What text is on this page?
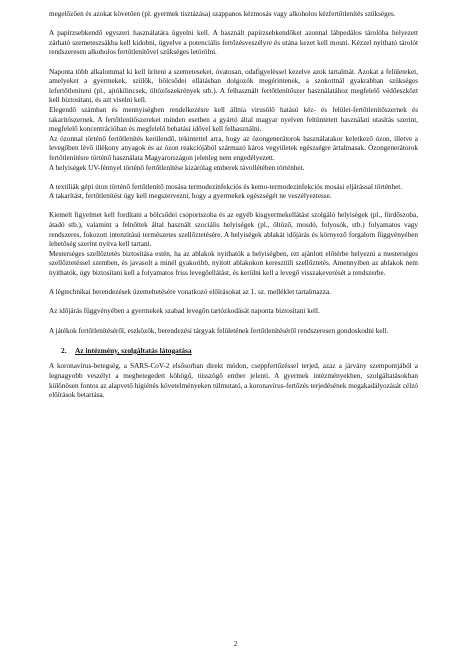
megelőzően és azokat követően (pl. gyermek tisztázása) szappanos kézmosás vagy alkoholos kézfertőtlenítés szükséges.

A papírzsebkendő egyszeri használatára ügyelni kell. A használt papírzsebkendőket azonnal lábpedálos tárolóba helyezett zárható szemeteszsákba kell kidobni, ügyelve a potenciális fertőzésveszélyre és utána kezet kell mosni. Kézzel nyitható tárolót rendszeresen alkoholos fertőtlenítővel szükséges letörölni.

Naponta több alkalommal ki kell üríteni a szemeteseket, óvatosan, odafigyeléssel kezelve azok tartalmát. Azokat a felületeket, amelyeket a gyermekek, szülők, bölcsődei ellátásban dolgozók megérintenek, a szokottnál gyakrabban szükséges lefertőtleníteni (pl., ajtókilincsek, öltözőszekrények stb.). A felhasznált fertőtlenítőszer használatához megfelelő védőeszközt kell biztosítani, és azt viselni kell.

Elegendő számban és mennyiségben rendelkezésre kell állnia virusölő hatású kéz- és felület-fertőtlenítőszernek és takarítószernek. A fertőtlenítőszereket minden esetben a gyártó által magyar nyelven feltüntetett használati utasítás szerint, megfelelő koncentrációban és megfelelő behatási idővel kell felhasználni.

Az ózonnal történő fertőtlenítés kerülendő, tekintettel arra, hogy az ózongenerátorok használatakor keletkező ózon, illetve a levegőben lévő illékony anyagok és az ózon reakciójából származó káros vegyületek egészségre ártalmasak. Ózongenerátorok fertőtlenítésre történő használata Magyarországon jelenleg nem engedélyezett.

A helyiségek UV-fénnyel történő fertőtlenítése kizárólag emberek távollétében történhet.

A textíliák gépi úton történő fertőtlenítő mosása termodezinfekciós és kemo-termodezinfekciós mosási eljárással történhet.

A takarítást, fertőtlenítést úgy kell megszervezni, hogy a gyermekek egészségét ne veszélyeztesse.

Kiemelt figyelmet kell fordítani a bölcsődei csoportszoba és az egyéb kisgyermekellátást szolgáló helyiségek (pl., fürdőszoba, átadó stb.), valamint a felnőttek által használt szociális helyiségek (pl., öltöző, mosdó, folyosók, stb.) folyamatos vagy rendszeres, fokozott intenzitású természetes szellőztetésére. A helyiségek ablakát időjárás és környező forgalom függvényében lehetőség szerint nyitva kell tartani.

Mesterséges szellőztetés biztosítása estén, ha az ablakok nyithatók a helyiségben, ezt ajánlott előtérbe helyezni a mesterséges szellőztetéssel szemben, és javasolt a minél gyakoribb, nyitott ablakokon keresztüli szellőztetés. Amennyiben az ablakok nem nyithatók, úgy biztosítani kell a folyamatos friss levegőellátást, és kerülni kell a levegő visszakeverését a rendszerbe.

A légtechnikai berendezések üzemeltetésére vonatkozó előírásokat az 1. sz. melléklet tartalmazza.

Az időjárás függvényében a gyermekek szabad levegőn tartózkodását naponta biztosítani kell.

A játékok fertőtlenítéséről, eszközök, berendezési tárgyak felületének fertőtlenítéséről rendszeresen gondoskodni kell.

2. Az intézmény, szolgáltatás látogatása

A koronavírus-betegség, a SARS-CoV-2 elsősorban direkt módon, cseppfertőzéssel terjed, azaz a járvány szempontjából a legnagyobb veszélyt a megbetegedett köhögő, tüsszögő ember jelenti. A gyermek intézményekben, szolgáltatásokban különösen fontos az alapvető higiénés követelményeken túlmutató, a koronavírus-fertőzés terjedésének megakadályozását célzó előírások betartása.

2
